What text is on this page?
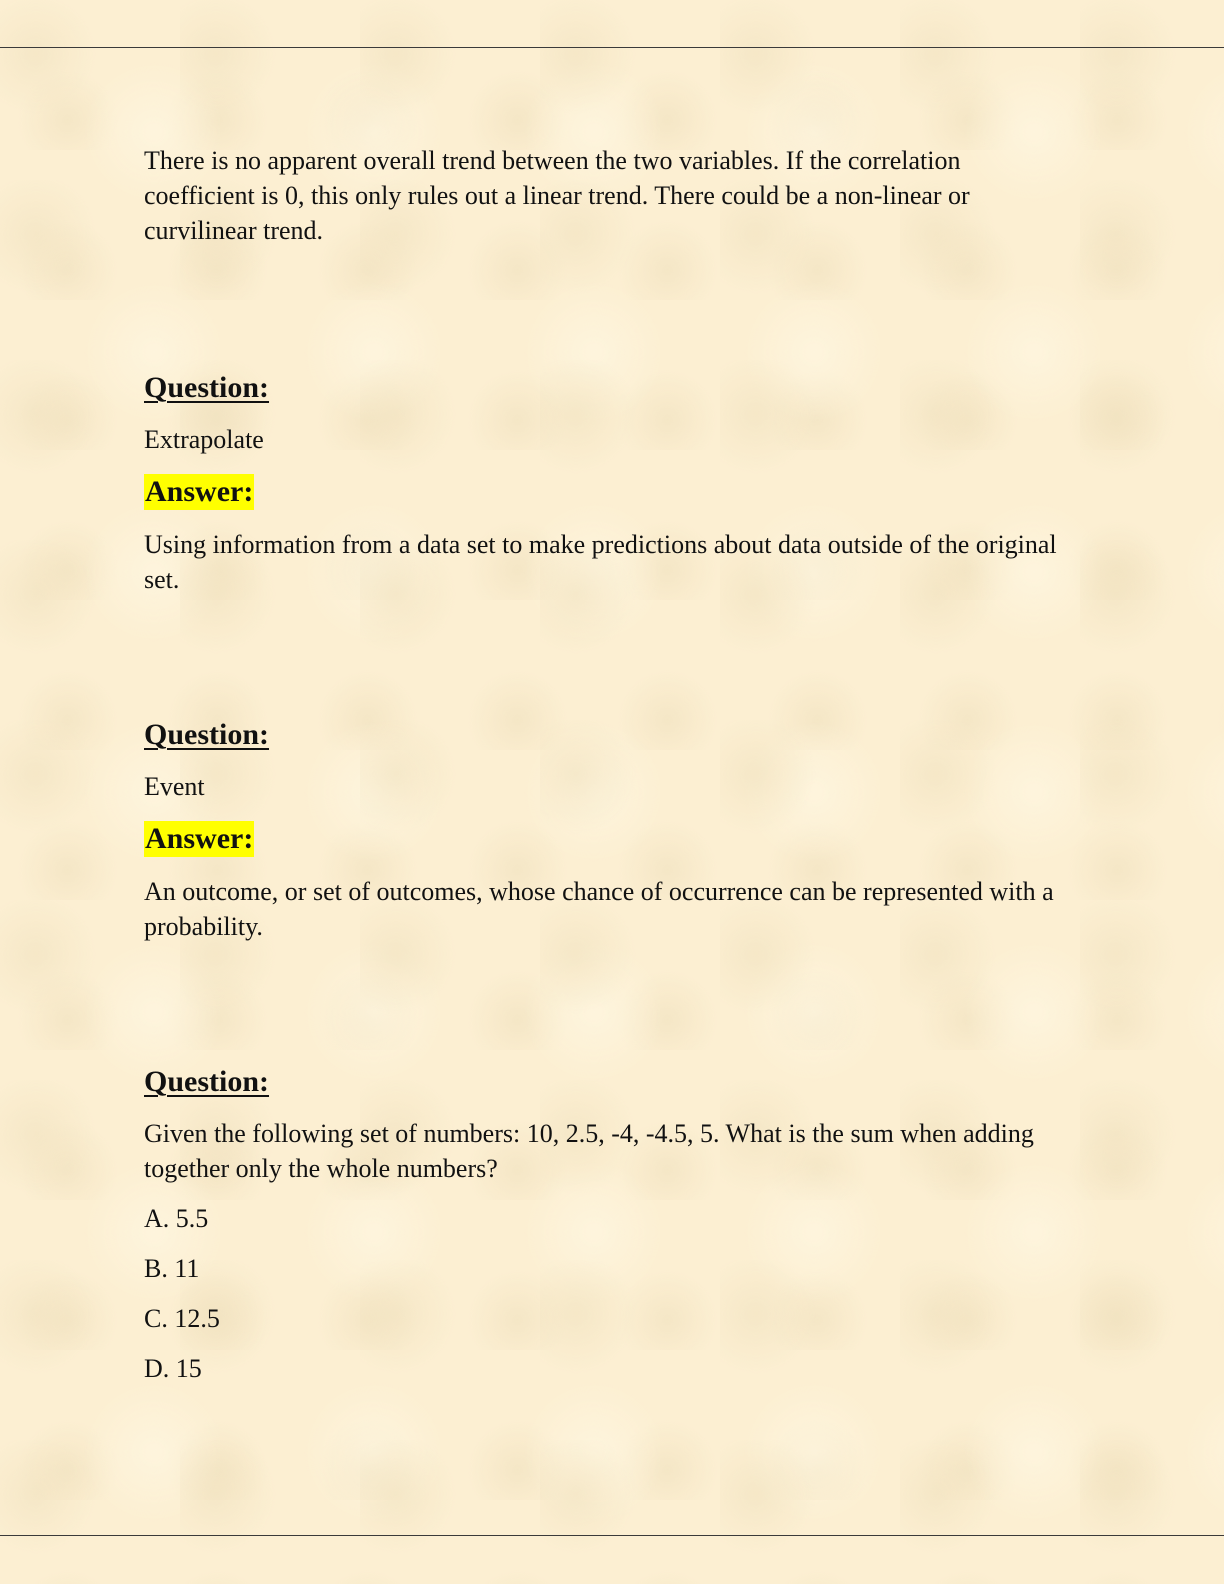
There is no apparent overall trend between the two variables. If the correlation coefficient is 0, this only rules out a linear trend. There could be a non-linear or curvilinear trend.

Question:

Extrapolate

Answer:

Using information from a data set to make predictions about data outside of the original set.

Question:

Event

Answer:

An outcome, or set of outcomes, whose chance of occurrence can be represented with a probability.

Question:

Given the following set of numbers: 10, 2.5, -4, -4.5, 5. What is the sum when adding together only the whole numbers?

A. 5.5

B. 11

C. 12.5

D. 15
